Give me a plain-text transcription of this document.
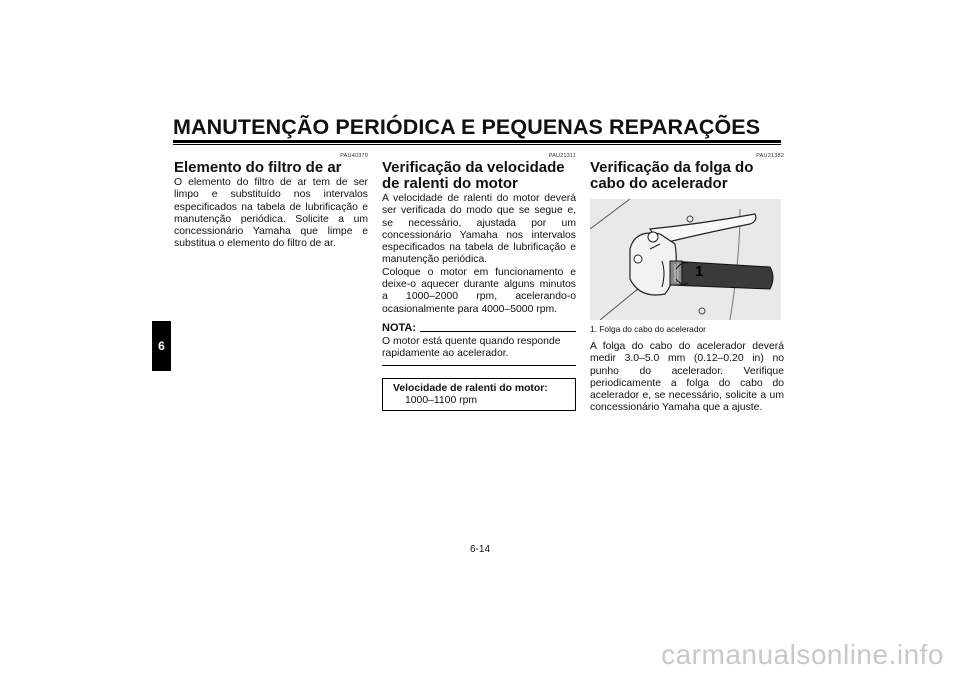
MANUTENÇÃO PERIÓDICA E PEQUENAS REPARAÇÕES
6
PAU40370
Elemento do filtro de ar

O elemento do filtro de ar tem de ser limpo e substituído nos intervalos especificados na tabela de lubrificação e manutenção periódica. Solicite a um concessionário Yamaha que limpe e substitua o elemento do filtro de ar.

PAU21311
Verificação da velocidade de ralenti do motor

A velocidade de ralenti do motor deverá ser verificada do modo que se segue e, se necessário, ajustada por um concessionário Yamaha nos intervalos especificados na tabela de lubrificação e manutenção periódica.

Coloque o motor em funcionamento e deixe-o aquecer durante alguns minutos a 1000–2000 rpm, acelerando-o ocasionalmente para 4000–5000 rpm.

NOTA:

O motor está quente quando responde rapidamente ao acelerador.

Velocidade de ralenti do motor:
1000–1100 rpm
PAU21382
Verificação da folga do cabo do acelerador
1
1. Folga do cabo do acelerador

A folga do cabo do acelerador deverá medir 3.0–5.0 mm (0.12–0.20 in) no punho do acelerador. Verifique periodicamente a folga do cabo do acelerador e, se necessário, solicite a um concessionário Yamaha que a ajuste.

6-14
carmanualsonline.info
